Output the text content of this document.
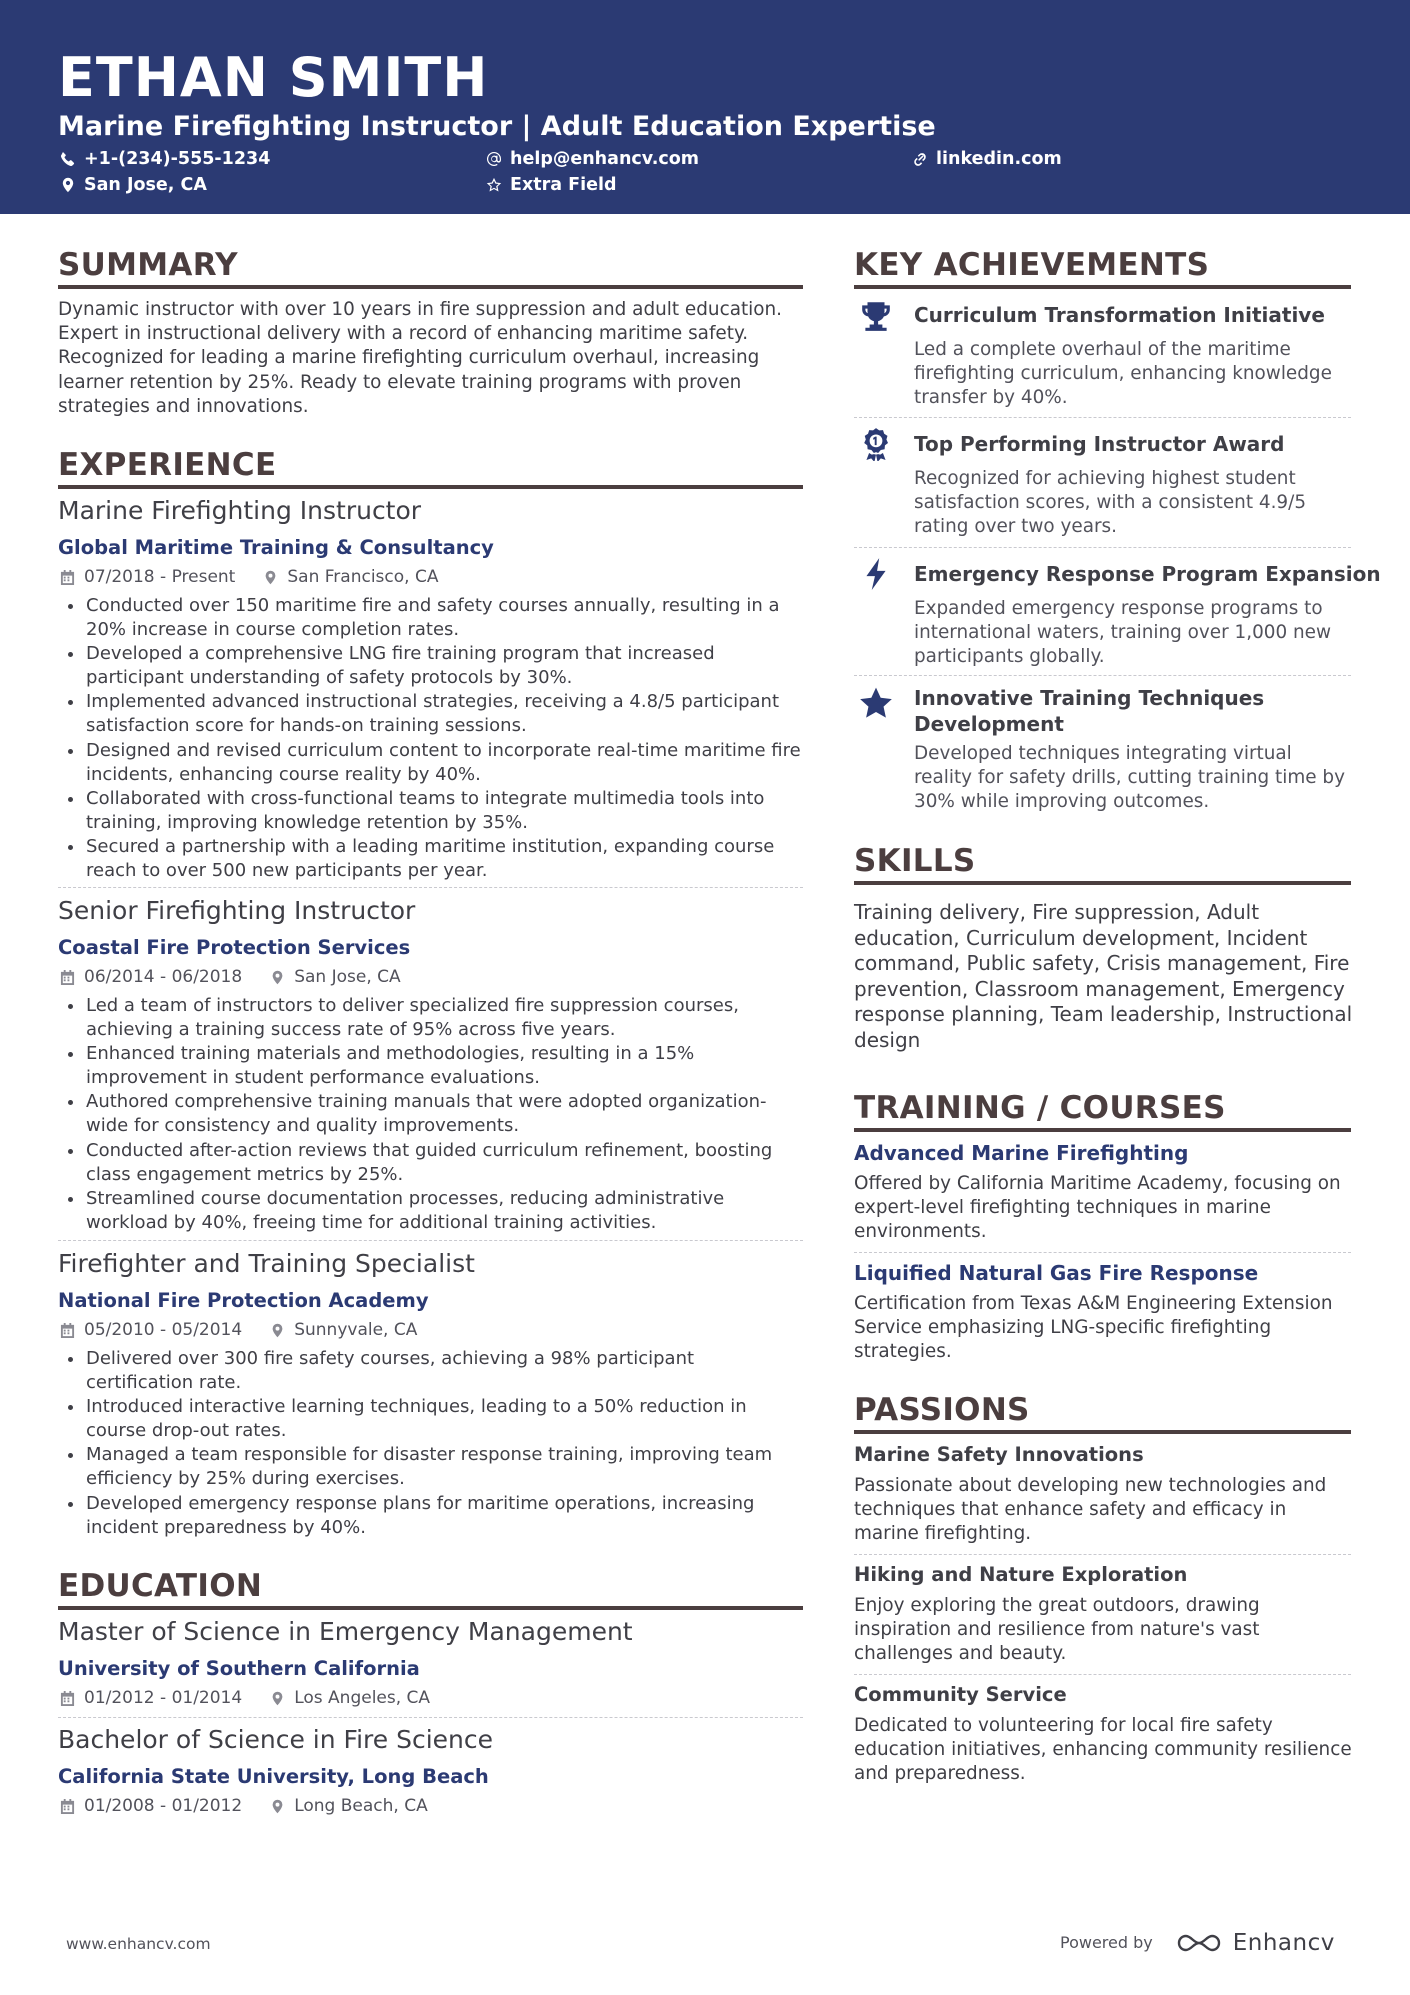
ETHAN SMITH
Marine Firefighting Instructor | Adult Education Expertise
+1-(234)-555-1234	help@enhancv.com	linkedin.com
San Jose, CA	Extra Field
SUMMARY
Dynamic instructor with over 10 years in fire suppression and adult education. Expert in instructional delivery with a record of enhancing maritime safety. Recognized for leading a marine firefighting curriculum overhaul, increasing learner retention by 25%. Ready to elevate training programs with proven strategies and innovations.
EXPERIENCE
Marine Firefighting Instructor
Global Maritime Training & Consultancy
07/2018 - Present	San Francisco, CA
Conducted over 150 maritime fire and safety courses annually, resulting in a 20% increase in course completion rates.
Developed a comprehensive LNG fire training program that increased participant understanding of safety protocols by 30%.
Implemented advanced instructional strategies, receiving a 4.8/5 participant satisfaction score for hands-on training sessions.
Designed and revised curriculum content to incorporate real-time maritime fire incidents, enhancing course reality by 40%.
Collaborated with cross-functional teams to integrate multimedia tools into training, improving knowledge retention by 35%.
Secured a partnership with a leading maritime institution, expanding course reach to over 500 new participants per year.
Senior Firefighting Instructor
Coastal Fire Protection Services
06/2014 - 06/2018	San Jose, CA
Led a team of instructors to deliver specialized fire suppression courses, achieving a training success rate of 95% across five years.
Enhanced training materials and methodologies, resulting in a 15% improvement in student performance evaluations.
Authored comprehensive training manuals that were adopted organization-wide for consistency and quality improvements.
Conducted after-action reviews that guided curriculum refinement, boosting class engagement metrics by 25%.
Streamlined course documentation processes, reducing administrative workload by 40%, freeing time for additional training activities.
Firefighter and Training Specialist
National Fire Protection Academy
05/2010 - 05/2014	Sunnyvale, CA
Delivered over 300 fire safety courses, achieving a 98% participant certification rate.
Introduced interactive learning techniques, leading to a 50% reduction in course drop-out rates.
Managed a team responsible for disaster response training, improving team efficiency by 25% during exercises.
Developed emergency response plans for maritime operations, increasing incident preparedness by 40%.
EDUCATION
Master of Science in Emergency Management
University of Southern California
01/2012 - 01/2014	Los Angeles, CA
Bachelor of Science in Fire Science
California State University, Long Beach
01/2008 - 01/2012	Long Beach, CA
KEY ACHIEVEMENTS
Curriculum Transformation Initiative
Led a complete overhaul of the maritime firefighting curriculum, enhancing knowledge transfer by 40%.
Top Performing Instructor Award
Recognized for achieving highest student satisfaction scores, with a consistent 4.9/5 rating over two years.
Emergency Response Program Expansion
Expanded emergency response programs to international waters, training over 1,000 new participants globally.
Innovative Training Techniques Development
Developed techniques integrating virtual reality for safety drills, cutting training time by 30% while improving outcomes.
SKILLS
Training delivery, Fire suppression, Adult education, Curriculum development, Incident command, Public safety, Crisis management, Fire prevention, Classroom management, Emergency response planning, Team leadership, Instructional design
TRAINING / COURSES
Advanced Marine Firefighting
Offered by California Maritime Academy, focusing on expert-level firefighting techniques in marine environments.
Liquified Natural Gas Fire Response
Certification from Texas A&M Engineering Extension Service emphasizing LNG-specific firefighting strategies.
PASSIONS
Marine Safety Innovations
Passionate about developing new technologies and techniques that enhance safety and efficacy in marine firefighting.
Hiking and Nature Exploration
Enjoy exploring the great outdoors, drawing inspiration and resilience from nature's vast challenges and beauty.
Community Service
Dedicated to volunteering for local fire safety education initiatives, enhancing community resilience and preparedness.
www.enhancv.com	Powered by	Enhancv
